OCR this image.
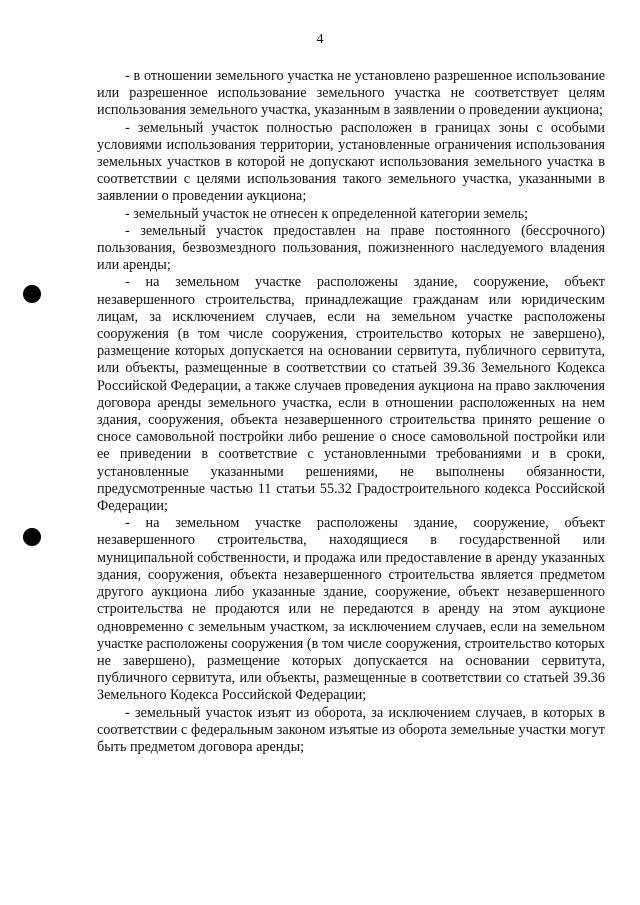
4

- в отношении земельного участка не установлено разрешенное использование или разрешенное использование земельного участка не соответствует целям использования земельного участка, указанным в заявлении о проведении аукциона;

- земельный участок полностью расположен в границах зоны с особыми условиями использования территории, установленные ограничения использования земельных участков в которой не допускают использования земельного участка в соответствии с целями использования такого земельного участка, указанными в заявлении о проведении аукциона;

- земельный участок не отнесен к определенной категории земель;

- земельный участок предоставлен на праве постоянного (бессрочного) пользования, безвозмездного пользования, пожизненного наследуемого владения или аренды;

- на земельном участке расположены здание, сооружение, объект незавершенного строительства, принадлежащие гражданам или юридическим лицам, за исключением случаев, если на земельном участке расположены сооружения (в том числе сооружения, строительство которых не завершено), размещение которых допускается на основании сервитута, публичного сервитута, или объекты, размещенные в соответствии со статьей 39.36 Земельного Кодекса Российской Федерации, а также случаев проведения аукциона на право заключения договора аренды земельного участка, если в отношении расположенных на нем здания, сооружения, объекта незавершенного строительства принято решение о сносе самовольной постройки либо решение о сносе самовольной постройки или ее приведении в соответствие с установленными требованиями и в сроки, установленные указанными решениями, не выполнены обязанности, предусмотренные частью 11 статьи 55.32 Градостроительного кодекса Российской Федерации;

- на земельном участке расположены здание, сооружение, объект незавершенного строительства, находящиеся в государственной или муниципальной собственности, и продажа или предоставление в аренду указанных здания, сооружения, объекта незавершенного строительства является предметом другого аукциона либо указанные здание, сооружение, объект незавершенного строительства не продаются или не передаются в аренду на этом аукционе одновременно с земельным участком, за исключением случаев, если на земельном участке расположены сооружения (в том числе сооружения, строительство которых не завершено), размещение которых допускается на основании сервитута, публичного сервитута, или объекты, размещенные в соответствии со статьей 39.36 Земельного Кодекса Российской Федерации;

- земельный участок изъят из оборота, за исключением случаев, в которых в соответствии с федеральным законом изъятые из оборота земельные участки могут быть предметом договора аренды;
